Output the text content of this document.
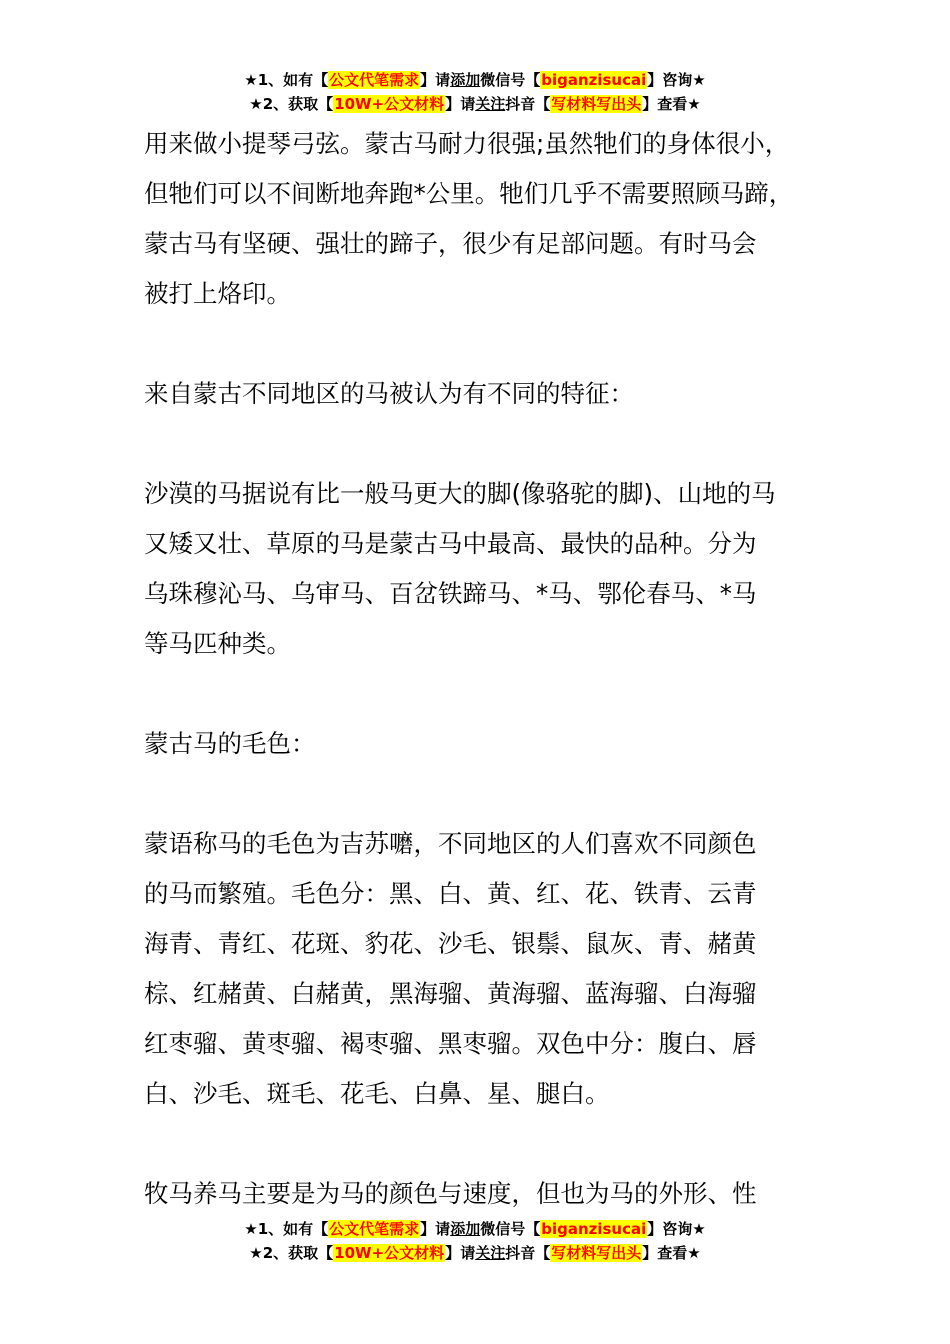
★1、如有【公文代笔需求】请添加微信号【biganzisucai】咨询★
★2、获取【10W+公文材料】请关注抖音【写材料写出头】查看★
用来做小提琴弓弦。蒙古马耐力很强;虽然牠们的身体很小，
但牠们可以不间断地奔跑*公里。牠们几乎不需要照顾马蹄，
蒙古马有坚硬、强壮的蹄子，很少有足部问题。有时马会
被打上烙印。
来自蒙古不同地区的马被认为有不同的特征：
沙漠的马据说有比一般马更大的脚(像骆驼的脚)、山地的马
又矮又壮、草原的马是蒙古马中最高、最快的品种。分为
乌珠穆沁马、乌审马、百岔铁蹄马、*马、鄂伦春马、*马
等马匹种类。
蒙古马的毛色：
蒙语称马的毛色为吉苏嚰，不同地区的人们喜欢不同颜色
的马而繁殖。毛色分：黑、白、黄、红、花、铁青、云青
海青、青红、花斑、豹花、沙毛、银鬃、鼠灰、青、赭黄
棕、红赭黄、白赭黄，黑海骝、黄海骝、蓝海骝、白海骝
红枣骝、黄枣骝、褐枣骝、黑枣骝。双色中分：腹白、唇
白、沙毛、斑毛、花毛、白鼻、星、腿白。
牧马养马主要是为马的颜色与速度，但也为马的外形、性
★1、如有【公文代笔需求】请添加微信号【biganzisucai】咨询★
★2、获取【10W+公文材料】请关注抖音【写材料写出头】查看★
